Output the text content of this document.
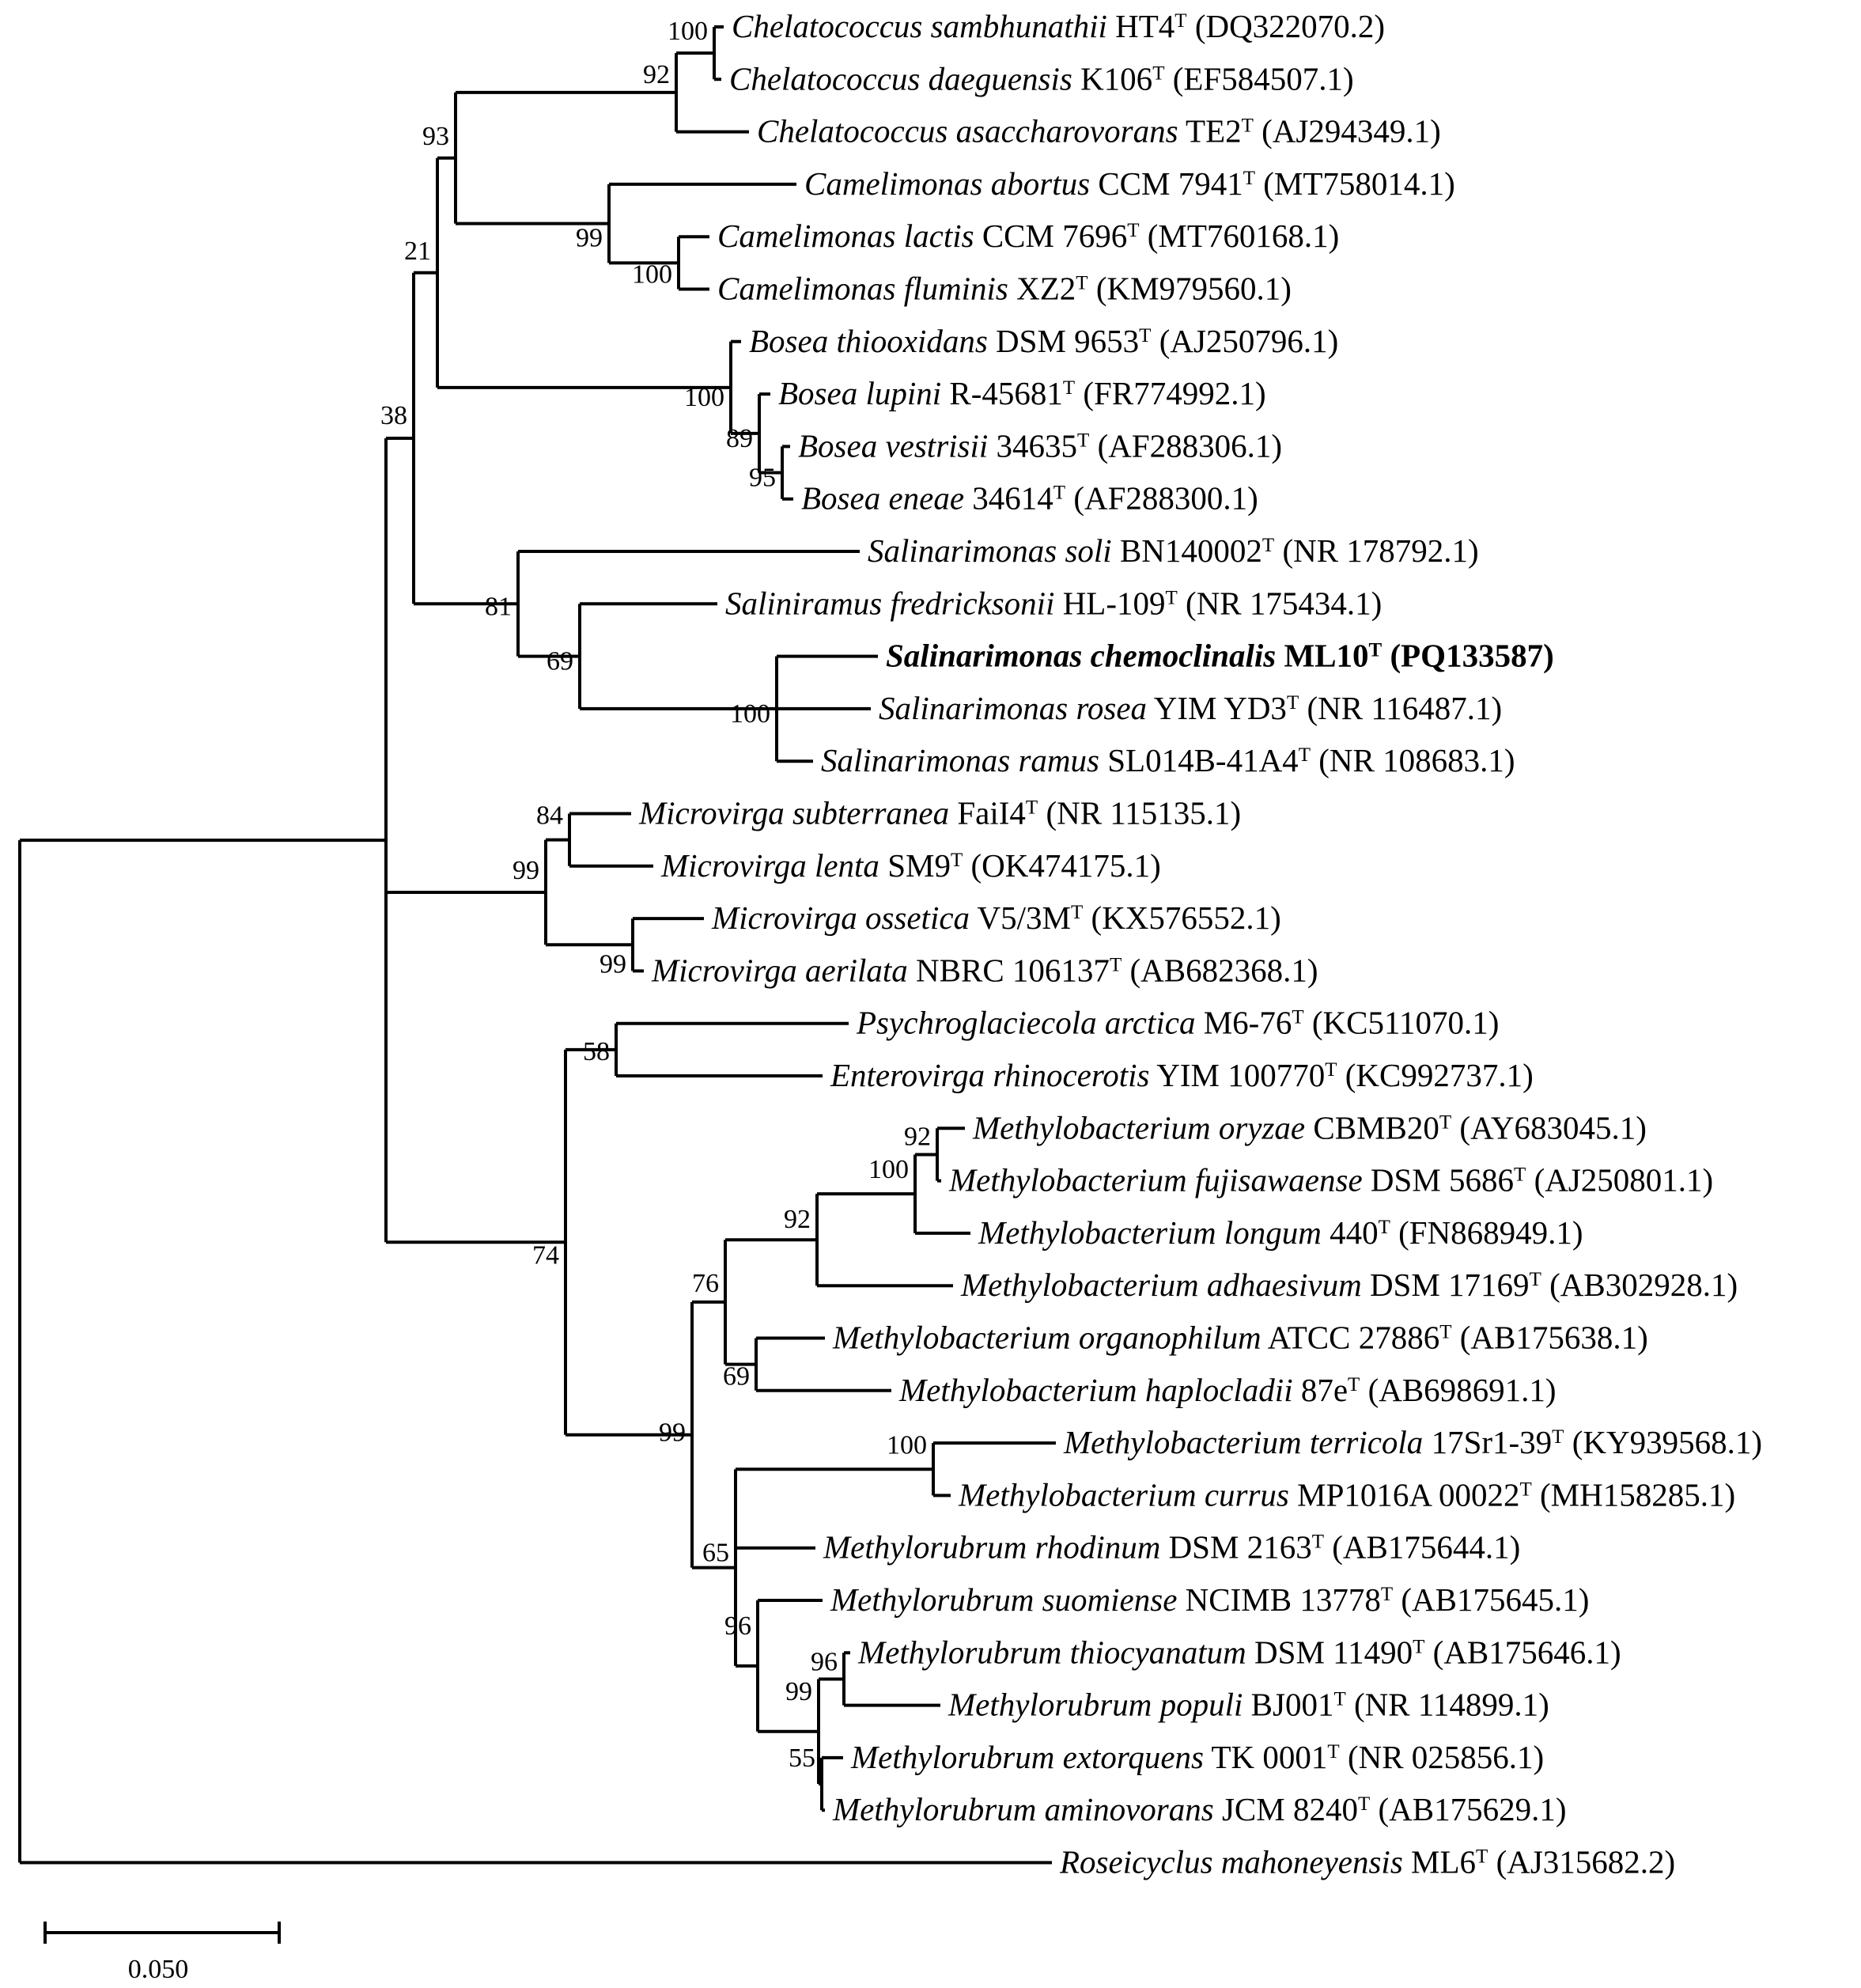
38
21
93
92
100 Chelatococcus sambhunathii $HT4^T$ (DQ322070.2)
Chelatococcus daeguensis $K106^T$ (EF584507.1)
Chelatococcus asaccharovorans $TE2^T$ (AJ294349.1)
99
Camelimonas abortus CCM $7941^T$ (MT758014.1)
100
Camelimonas lactis CCM $7696^T$ (MT760168.1)
Camelimonas fluminis $XZ2^T$ (KM979560.1)
100
Bosea thiooxidans DSM $9653^T$ (AJ250796.1)
89
Bosea lupini $R-45681^T$ (FR774992.1)
95
Bosea vestrisii $34635^T$ (AF288306.1)
Bosea eneae $34614^T$ (AF288300.1)
81
Salinarimonas soli $BN140002^T$ (NR 178792.1)
69
Saliniramus fredricksonii $HL-109^T$ (NR 175434.1)
100
Salinarimonas chemoclinalis $ML10^T$ (PQ133587)
Salinarimonas rosea YIM $YD3^T$ (NR 116487.1)
Salinarimonas ramus $SL014B-41A4^T$ (NR 108683.1)
99
84 Microvirga subterranea $FaiI4^T$ (NR 115135.1)
Microvirga lenta $SM9^T$ (OK474175.1)
99
Microvirga ossetica $V5/3M^T$ (KX576552.1)
Microvirga aerilata NBRC $106137^T$ (AB682368.1)
74
58
Psychroglaciecola arctica $M6-76^T$ (KC511070.1)
Enterovirga rhinocerotis YIM $100770^T$ (KC992737.1)
99
76
92
100
92 Methylobacterium oryzae $CBMB20^T$ (AY683045.1)
Methylobacterium fujisawaense DSM $5686^T$ (AJ250801.1)
Methylobacterium longum $440^T$ (FN868949.1)
Methylobacterium adhaesivum DSM $17169^T$ (AB302928.1)
69
Methylobacterium organophilum ATCC $27886^T$ (AB175638.1)
Methylobacterium haplocladii $87e^T$ (AB698691.1)
65
100	Methylobacterium terricola $17Sr1-39^T$ (KY939568.1)
Methylobacterium currus MP1016A $00022^T$ (MH158285.1)
Methylorubrum rhodinum DSM $2163^T$ (AB175644.1)
96
Methylorubrum suomiense NCIMB $13778^T$ (AB175645.1)
99
96 Methylorubrum thiocyanatum DSM $11490^T$ (AB175646.1)
Methylorubrum populi $BJ001^T$ (NR 114899.1)
55 Methylorubrum extorquens TK $0001^T$ (NR 025856.1)
Methylorubrum aminovorans JCM $8240^T$ (AB175629.1)
Roseicyclus mahoneyensis $ML6^T$ (AJ315682.2)
0.050
